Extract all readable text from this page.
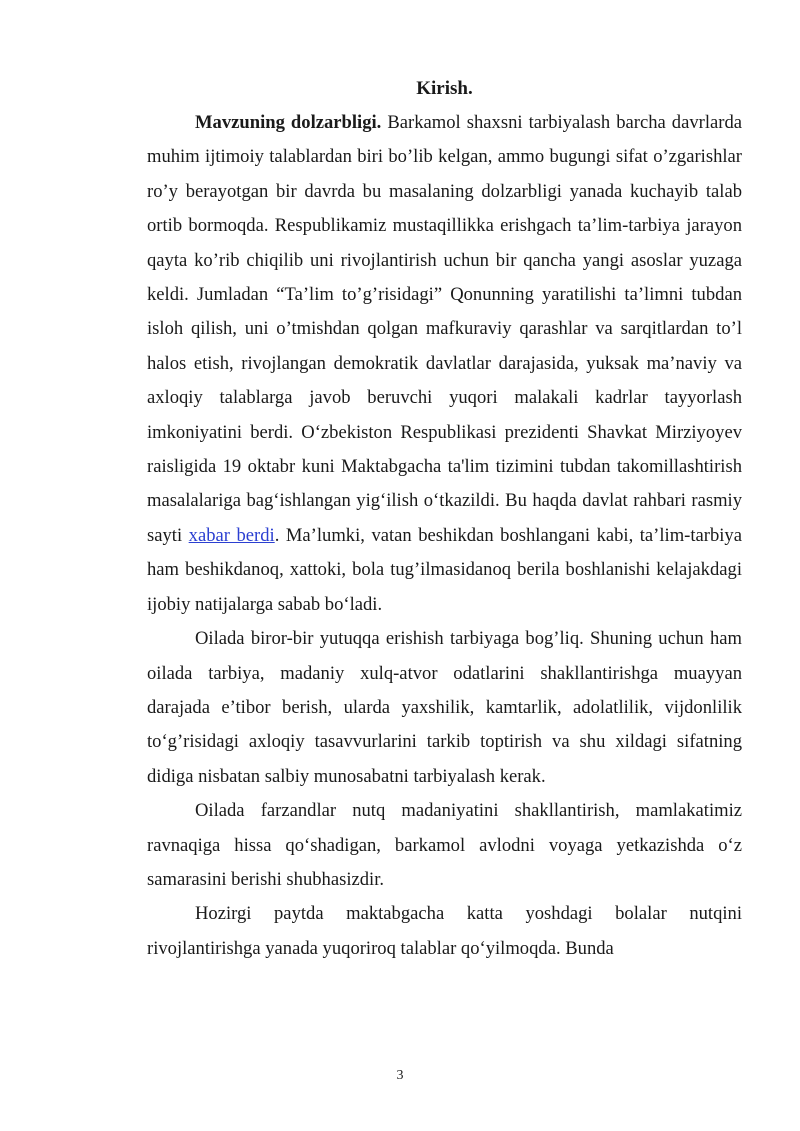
Kirish.

Mavzuning dolzarbligi. Barkamol shaxsni tarbiyalash barcha davrlarda muhim ijtimoiy talablardan biri bo’lib kelgan, ammo bugungi sifat o’zgarishlar ro’y berayotgan bir davrda bu masalaning dolzarbligi yanada kuchayib talab ortib bormoqda. Respublikamiz mustaqillikka erishgach ta’lim-tarbiya jarayon qayta ko’rib chiqilib uni rivojlantirish uchun bir qancha yangi asoslar yuzaga keldi. Jumladan “Ta’lim to’g’risidagi” Qonunning yaratilishi ta’limni tubdan isloh qilish, uni o’tmishdan qolgan mafkuraviy qarashlar va sarqitlardan to’l halos etish, rivojlangan demokratik davlatlar darajasida, yuksak ma’naviy va axloqiy talablarga javob beruvchi yuqori malakali kadrlar tayyorlash imkoniyatini berdi. O‘zbekiston Respublikasi prezidenti Shavkat Mirziyoyev raisligida 19 oktabr kuni Maktabgacha ta'lim tizimini tubdan takomillashtirish masalalariga bag‘ishlangan yig‘ilish o‘tkazildi. Bu haqda davlat rahbari rasmiy sayti xabar berdi. Ma’lumki, vatan beshikdan boshlangani kabi, ta’lim-tarbiya ham beshikdanoq, xattoki, bola tug’ilmasidanoq berila boshlanishi kelajakdagi ijobiy natijalarga sabab bo‘ladi.

Oilada biror-bir yutuqqa erishish tarbiyaga bog’liq. Shuning uchun ham oilada tarbiya, madaniy xulq-atvor odatlarini shakllantirishga muayyan darajada e’tibor berish, ularda yaxshilik, kamtarlik, adolatlilik, vijdonlilik to‘g’risidagi axloqiy tasavvurlarini tarkib toptirish va shu xildagi sifatning didiga nisbatan salbiy munosabatni tarbiyalash kerak.

Oilada farzandlar nutq madaniyatini shakllantirish, mamlakatimiz ravnaqiga hissa qo‘shadigan, barkamol avlodni voyaga yetkazishda o‘z samarasini berishi shubhasizdir.

Hozirgi paytda maktabgacha katta yoshdagi bolalar nutqini rivojlantirishga yanada yuqoriroq talablar qo‘yilmoqda. Bunda

3
